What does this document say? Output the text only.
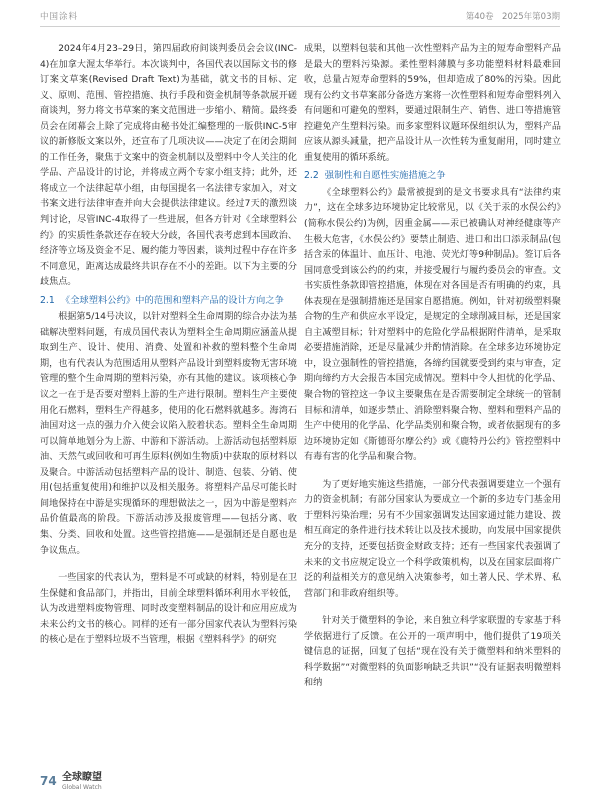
中国涂料	第40卷　2025年第03期

2024年4月23–29日，第四届政府间谈判委员会会议(INC-4)在加拿大渥太华举行。本次谈判中，各国代表以国际文书的修订案文草案(Revised Draft Text)为基础，就文书的目标、定义、原则、范围、管控措施、执行手段和资金机制等条款展开磋商谈判，努力将文书草案的案文范围进一步缩小、精简。最终委员会在闭幕会上除了完成将由秘书处汇编整理的一版供INC-5审议的新修版文案以外，还宣布了几项决议——决定了在闭会期间的工作任务，聚焦于文案中的资金机制以及塑料中令人关注的化学品、产品设计的讨论，并将成立两个专家小组支持；此外，还将成立一个法律起草小组，由每国提名一名法律专家加入，对文书案文进行法律审查并向大会提供法律建议。经过7天的激烈谈判讨论，尽管INC-4取得了一些进展，但各方针对《全球塑料公约》的实质性条款还存在较大分歧，各国代表考虑到本国政治、经济等立场及资金不足、履约能力等因素，谈判过程中存在许多不同意见，距离达成最终共识存在不小的差距。以下为主要的分歧焦点。

2.1 《全球塑料公约》中的范围和塑料产品的设计方向之争

根据第5/14号决议，以针对塑料全生命周期的综合办法为基础解决塑料问题，有成员国代表认为塑料全生命周期应涵盖从提取到生产、设计、使用、消费、处置和补救的塑料整个生命周期，也有代表认为范围适用从塑料产品设计到塑料废物无害环境管理的整个生命周期的塑料污染，亦有其他的建议。该项核心争议之一在于是否要对塑料上游的生产进行限制。塑料生产主要使用化石燃料，塑料生产得越多，使用的化石燃料就越多。海湾石油国对这一点的强力介入使会议陷入胶着状态。塑料全生命周期可以简单地划分为上游、中游和下游活动。上游活动包括塑料原油、天然气或回收和可再生原料(例如生物质)中获取的原材料以及聚合。中游活动包括塑料产品的设计、制造、包装、分销、使用(包括重复使用)和维护以及相关服务。将塑料产品尽可能长时间地保持在中游是实现循环的理想做法之一，因为中游是塑料产品价值最高的阶段。下游活动涉及报废管理——包括分离、收集、分类、回收和处置。这些管控措施——是强制还是自愿也是争议焦点。

一些国家的代表认为，塑料是不可或缺的材料，特别是在卫生保健和食品部门，并指出，目前全球塑料循环利用水平较低，认为改进塑料废物管理、同时改变塑料制品的设计和应用应成为未来公约文书的核心。同样的还有一部分国家代表认为塑料污染的核心是在于塑料垃圾不当管理，根据《塑料科学》的研究

成果，以塑料包装和其他一次性塑料产品为主的短寿命塑料产品是最大的塑料污染源。柔性塑料薄膜与多功能塑料材料最难回收，总量占短寿命塑料的59%，但却造成了80%的污染。因此现有公约文书草案部分备选方案将一次性塑料和短寿命塑料列入有问题和可避免的塑料，要通过限制生产、销售、进口等措施管控避免产生塑料污染。而多家塑料议题环保组织认为，塑料产品应该从源头减量，把产品设计从一次性转为重复耐用，同时建立重复使用的循环系统。

2.2 强制性和自愿性实施措施之争

《全球塑料公约》最常被提到的是文书要求具有“法律约束力”，这在全球多边环境协定比较常见，以《关于汞的水俣公约》(简称水俣公约)为例，因重金属——汞已被确认对神经健康等产生极大危害，《水俣公约》要禁止制造、进口和出口添汞制品(包括含汞的体温计、血压计、电池、荧光灯等9种制品)。签订后各国同意受到该公约的约束，并接受履行与履约委员会的审查。文书实质性条款即管控措施，体现在对各国是否有明确的约束，具体表现在是强制措施还是国家自愿措施。例如，针对初级塑料聚合物的生产和供应水平设定，是规定的全球削减目标，还是国家自主减塑目标；针对塑料中的危险化学品根据附件清单，是采取必要措施消除，还是尽量减少并酌情消除。在全球多边环境协定中，设立强制性的管控措施，各缔约国就要受到约束与审查，定期向缔约方大会报告本国完成情况。塑料中令人担忧的化学品、聚合物的管控这一争议主要聚焦在是否需要制定全球统一的管制目标和清单，如逐步禁止、消除塑料聚合物、塑料和塑料产品的生产中使用的化学品、化学品类别和聚合物，或者依据现有的多边环境协定如《斯德哥尔摩公约》或《鹿特丹公约》管控塑料中有毒有害的化学品和聚合物。

为了更好地实施这些措施，一部分代表强调要建立一个强有力的资金机制；有部分国家认为要成立一个新的多边专门基金用于塑料污染治理；另有不少国家强调发达国家通过能力建设、拨相互商定的条件进行技术转让以及技术援助，向发展中国家提供充分的支持，还要包括资金财政支持；还有一些国家代表强调了未来的文书应规定设立一个科学政策机构，以及在国家层面将广泛的利益相关方的意见纳入决策参考，如土著人民、学术界、私营部门和非政府组织等。

针对关于微塑料的争论，来自独立科学家联盟的专家基于科学依据进行了反馈。在公开的一项声明中，他们提供了19项关键信息的证据，回复了包括“现在没有关于微塑料和纳米塑料的科学数据”“对微塑料的负面影响缺乏共识”“没有证据表明微塑料和纳

74 全球瞭望
Global Watch
